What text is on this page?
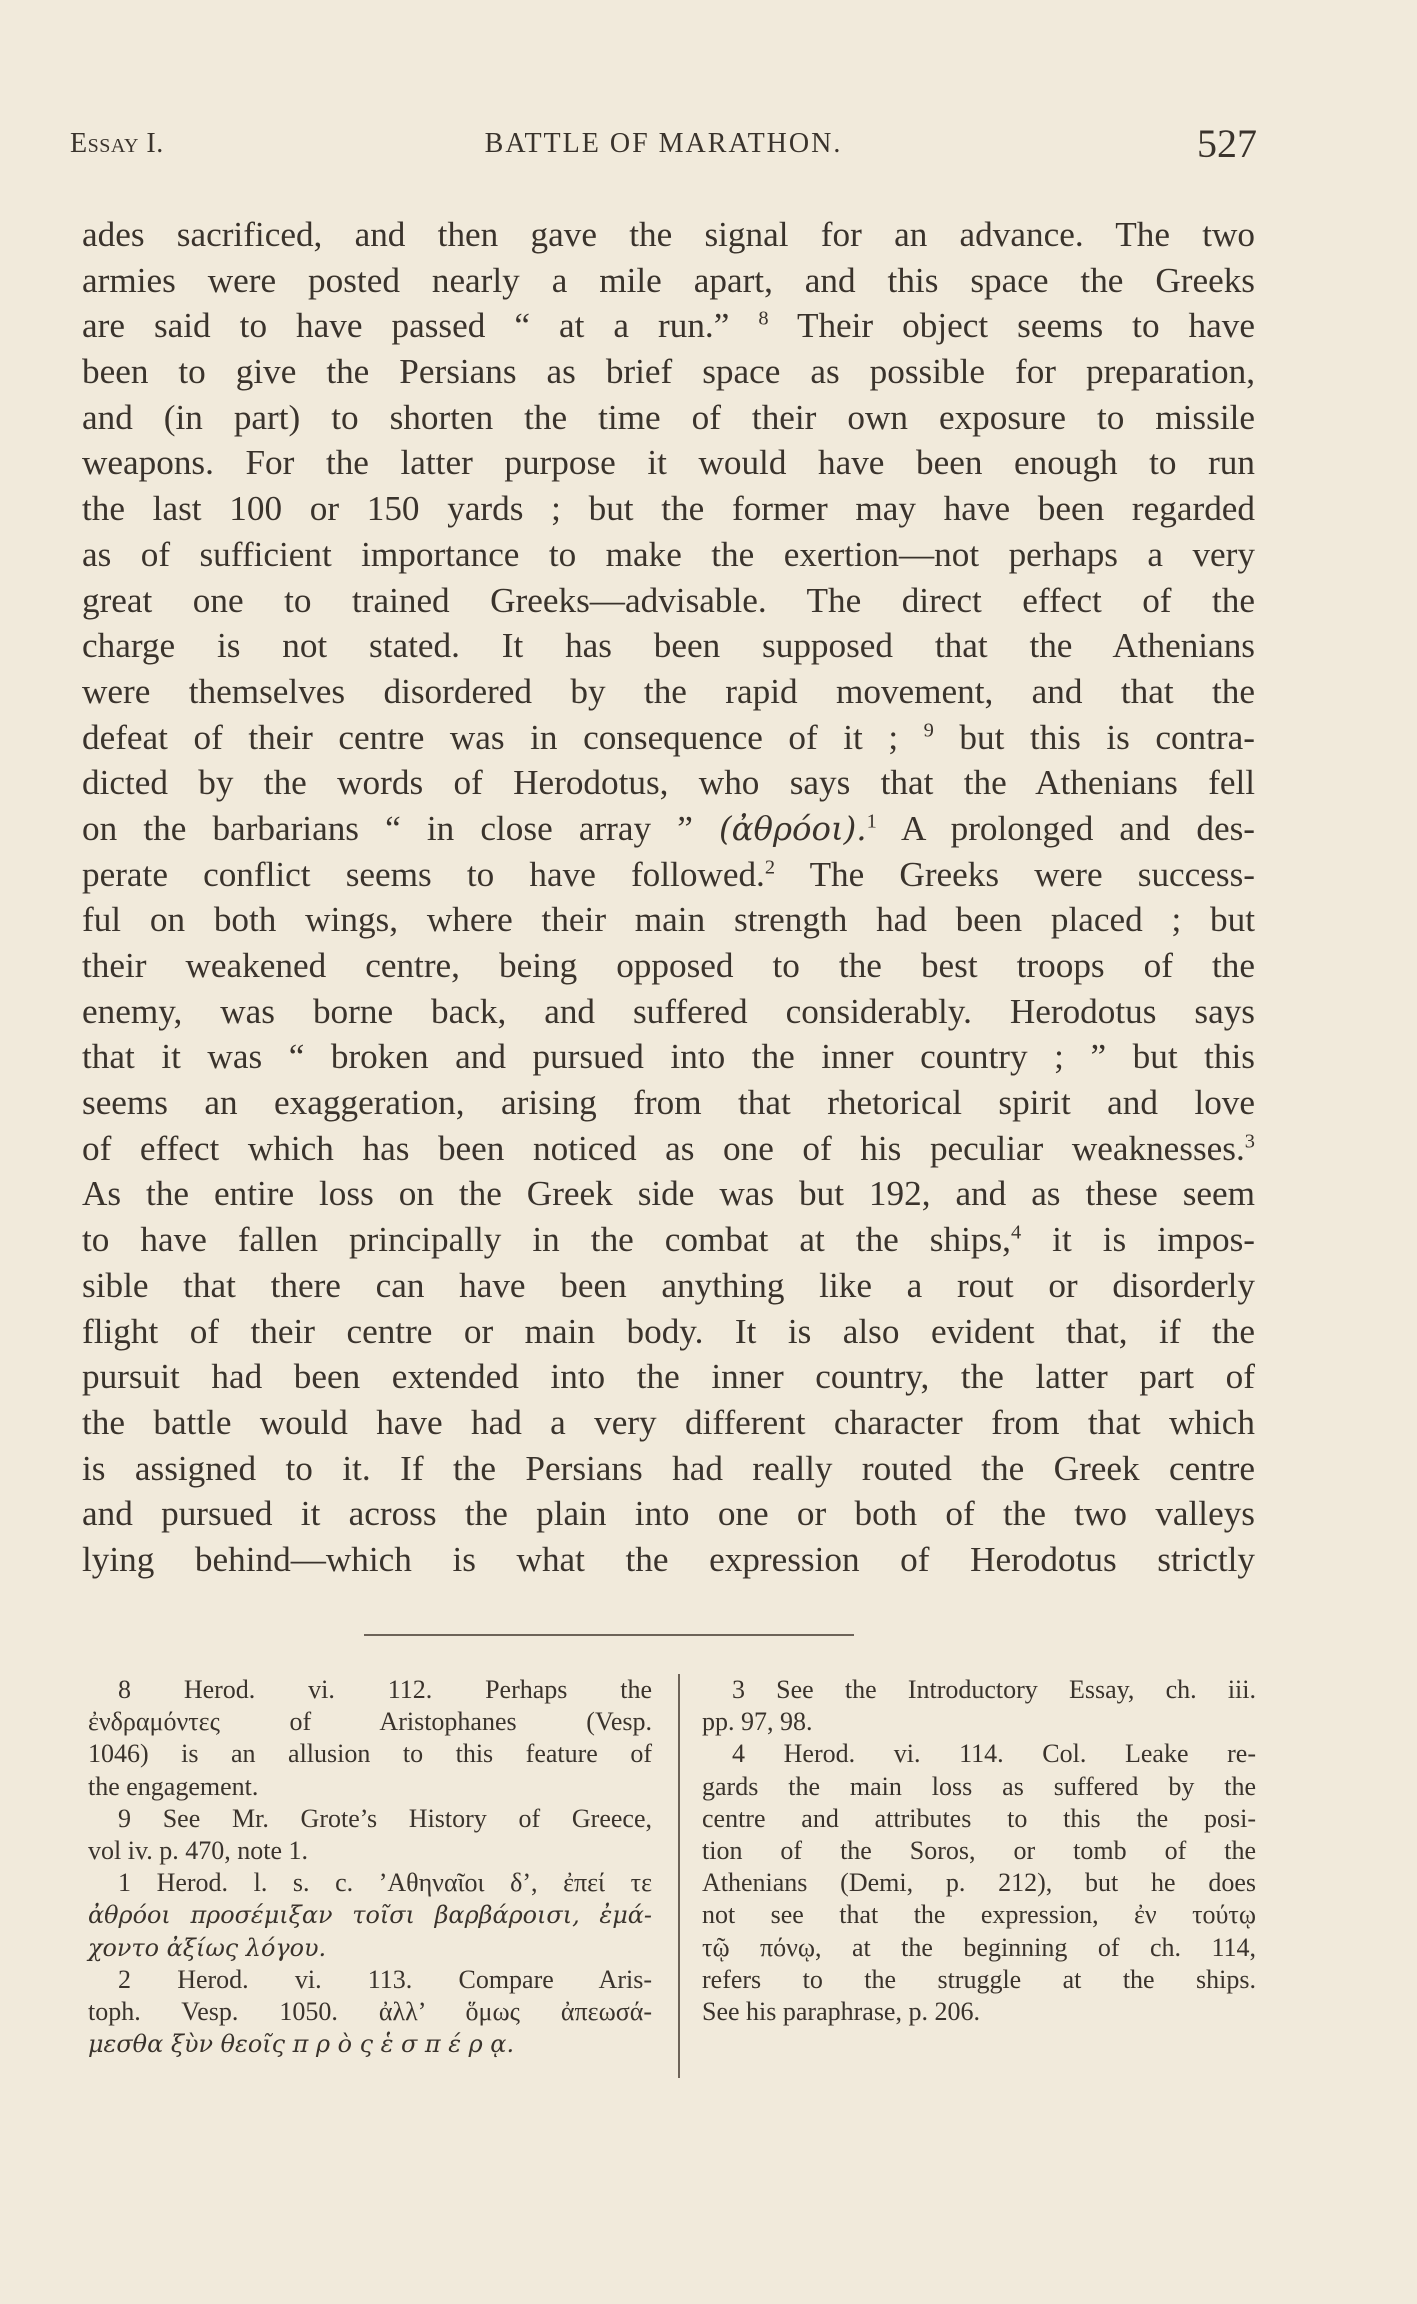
Essay I.	BATTLE OF MARATHON.	527
ades sacrificed, and then gave the signal for an advance. The two
armies were posted nearly a mile apart, and this space the Greeks
are said to have passed “ at a run.” $^8$ Their object seems to have
been to give the Persians as brief space as possible for preparation,
and (in part) to shorten the time of their own exposure to missile
weapons. For the latter purpose it would have been enough to run
the last 100 or 150 yards ; but the former may have been regarded
as of sufficient importance to make the exertion—not perhaps a very
great one to trained Greeks—advisable. The direct effect of the
charge is not stated. It has been supposed that the Athenians
were themselves disordered by the rapid movement, and that the
defeat of their centre was in consequence of it ; $^9$ but this is contra-
dicted by the words of Herodotus, who says that the Athenians fell
on the barbarians “ in close array ” (ἀθρόοι).$^1$ A prolonged and des-
perate conflict seems to have followed.$^2$ The Greeks were success-
ful on both wings, where their main strength had been placed ; but
their weakened centre, being opposed to the best troops of the
enemy, was borne back, and suffered considerably. Herodotus says
that it was “ broken and pursued into the inner country ; ” but this
seems an exaggeration, arising from that rhetorical spirit and love
of effect which has been noticed as one of his peculiar weaknesses.$^3$
As the entire loss on the Greek side was but 192, and as these seem
to have fallen principally in the combat at the ships,$^4$ it is impos-
sible that there can have been anything like a rout or disorderly
flight of their centre or main body. It is also evident that, if the
pursuit had been extended into the inner country, the latter part of
the battle would have had a very different character from that which
is assigned to it. If the Persians had really routed the Greek centre
and pursued it across the plain into one or both of the two valleys
lying behind—which is what the expression of Herodotus strictly
8 Herod. vi. 112. Perhaps the
ἐνδραμόντες of Aristophanes (Vesp.
1046) is an allusion to this feature of
the engagement.
9 See Mr. Grote’s History of Greece,
vol iv. p. 470, note 1.
1 Herod. l. s. c. ’Αθηναῖοι δ’, ἐπεί τε
ἀθρόοι προσέμιξαν τοῖσι βαρβάροισι, ἐμά-
χοντο ἀξίως λόγου.
2 Herod. vi. 113. Compare Aris-
toph. Vesp. 1050. ἀλλ’ ὅμως ἀπεωσά-
μεσθα ξὺν θεοῖς π ρ ὸ ς ἑ σ π έ ρ ᾳ.
3 See the Introductory Essay, ch. iii.
pp. 97, 98.
4 Herod. vi. 114. Col. Leake re-
gards the main loss as suffered by the
centre and attributes to this the posi-
tion of the Soros, or tomb of the
Athenians (Demi, p. 212), but he does
not see that the expression, ἐν τούτῳ
τῷ πόνῳ, at the beginning of ch. 114,
refers to the struggle at the ships.
See his paraphrase, p. 206.
